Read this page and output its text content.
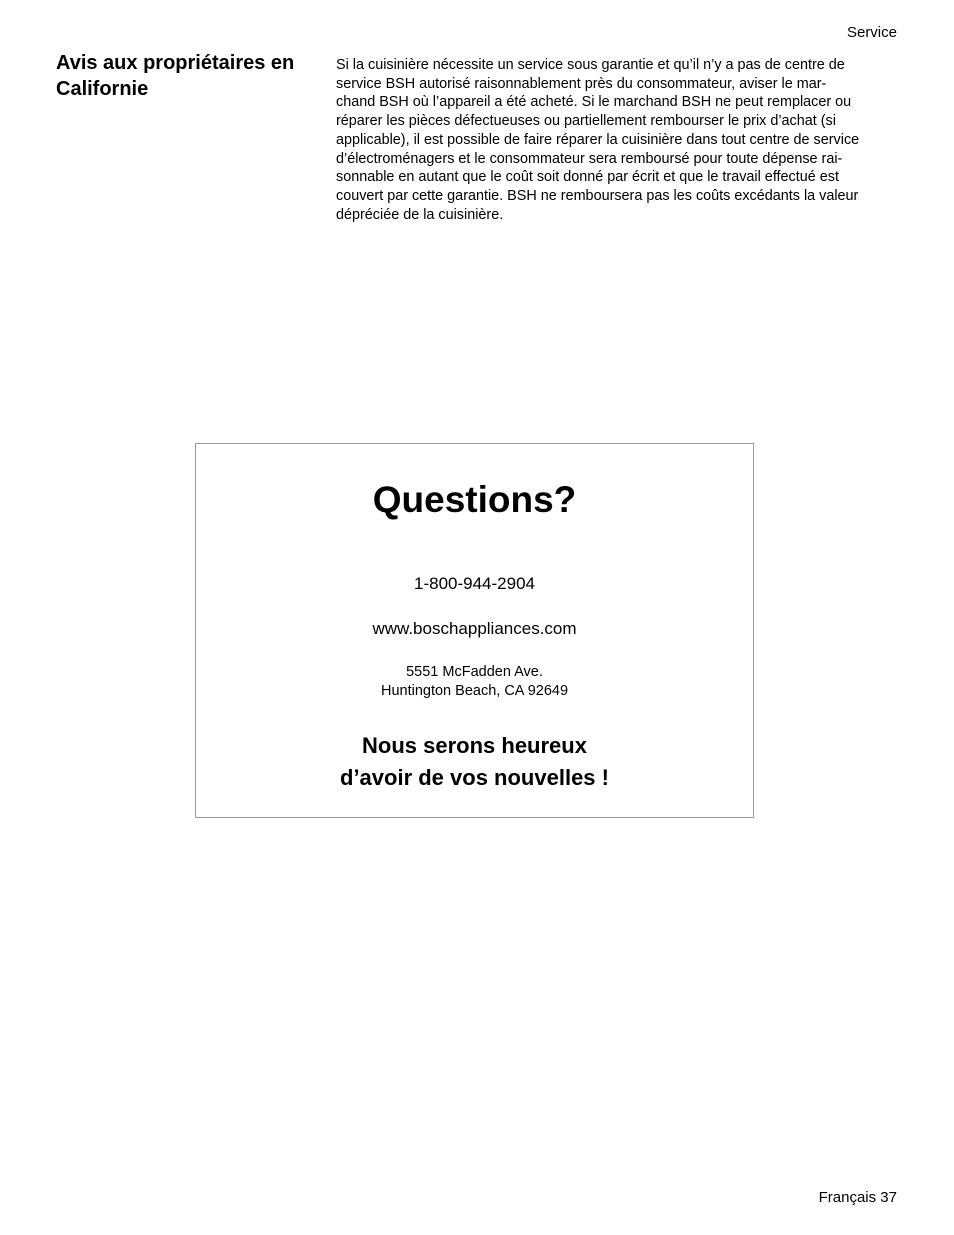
Service
Avis aux propriétaires en Californie

Si la cuisinière nécessite un service sous garantie et qu’il n’y a pas de centre de
service BSH autorisé raisonnablement près du consommateur, aviser le mar-
chand BSH où l’appareil a été acheté. Si le marchand BSH ne peut remplacer ou
réparer les pièces défectueuses ou partiellement rembourser le prix d’achat (si
applicable), il est possible de faire réparer la cuisinière dans tout centre de service
d’électroménagers et le consommateur sera remboursé pour toute dépense rai-
sonnable en autant que le coût soit donné par écrit et que le travail effectué est
couvert par cette garantie. BSH ne remboursera pas les coûts excédants la valeur
dépréciée de la cuisinière.

Questions?
1-800-944-2904
www.boschappliances.com
5551 McFadden Ave.
Huntington Beach, CA 92649
Nous serons heureux
d’avoir de vos nouvelles !
Français 37
